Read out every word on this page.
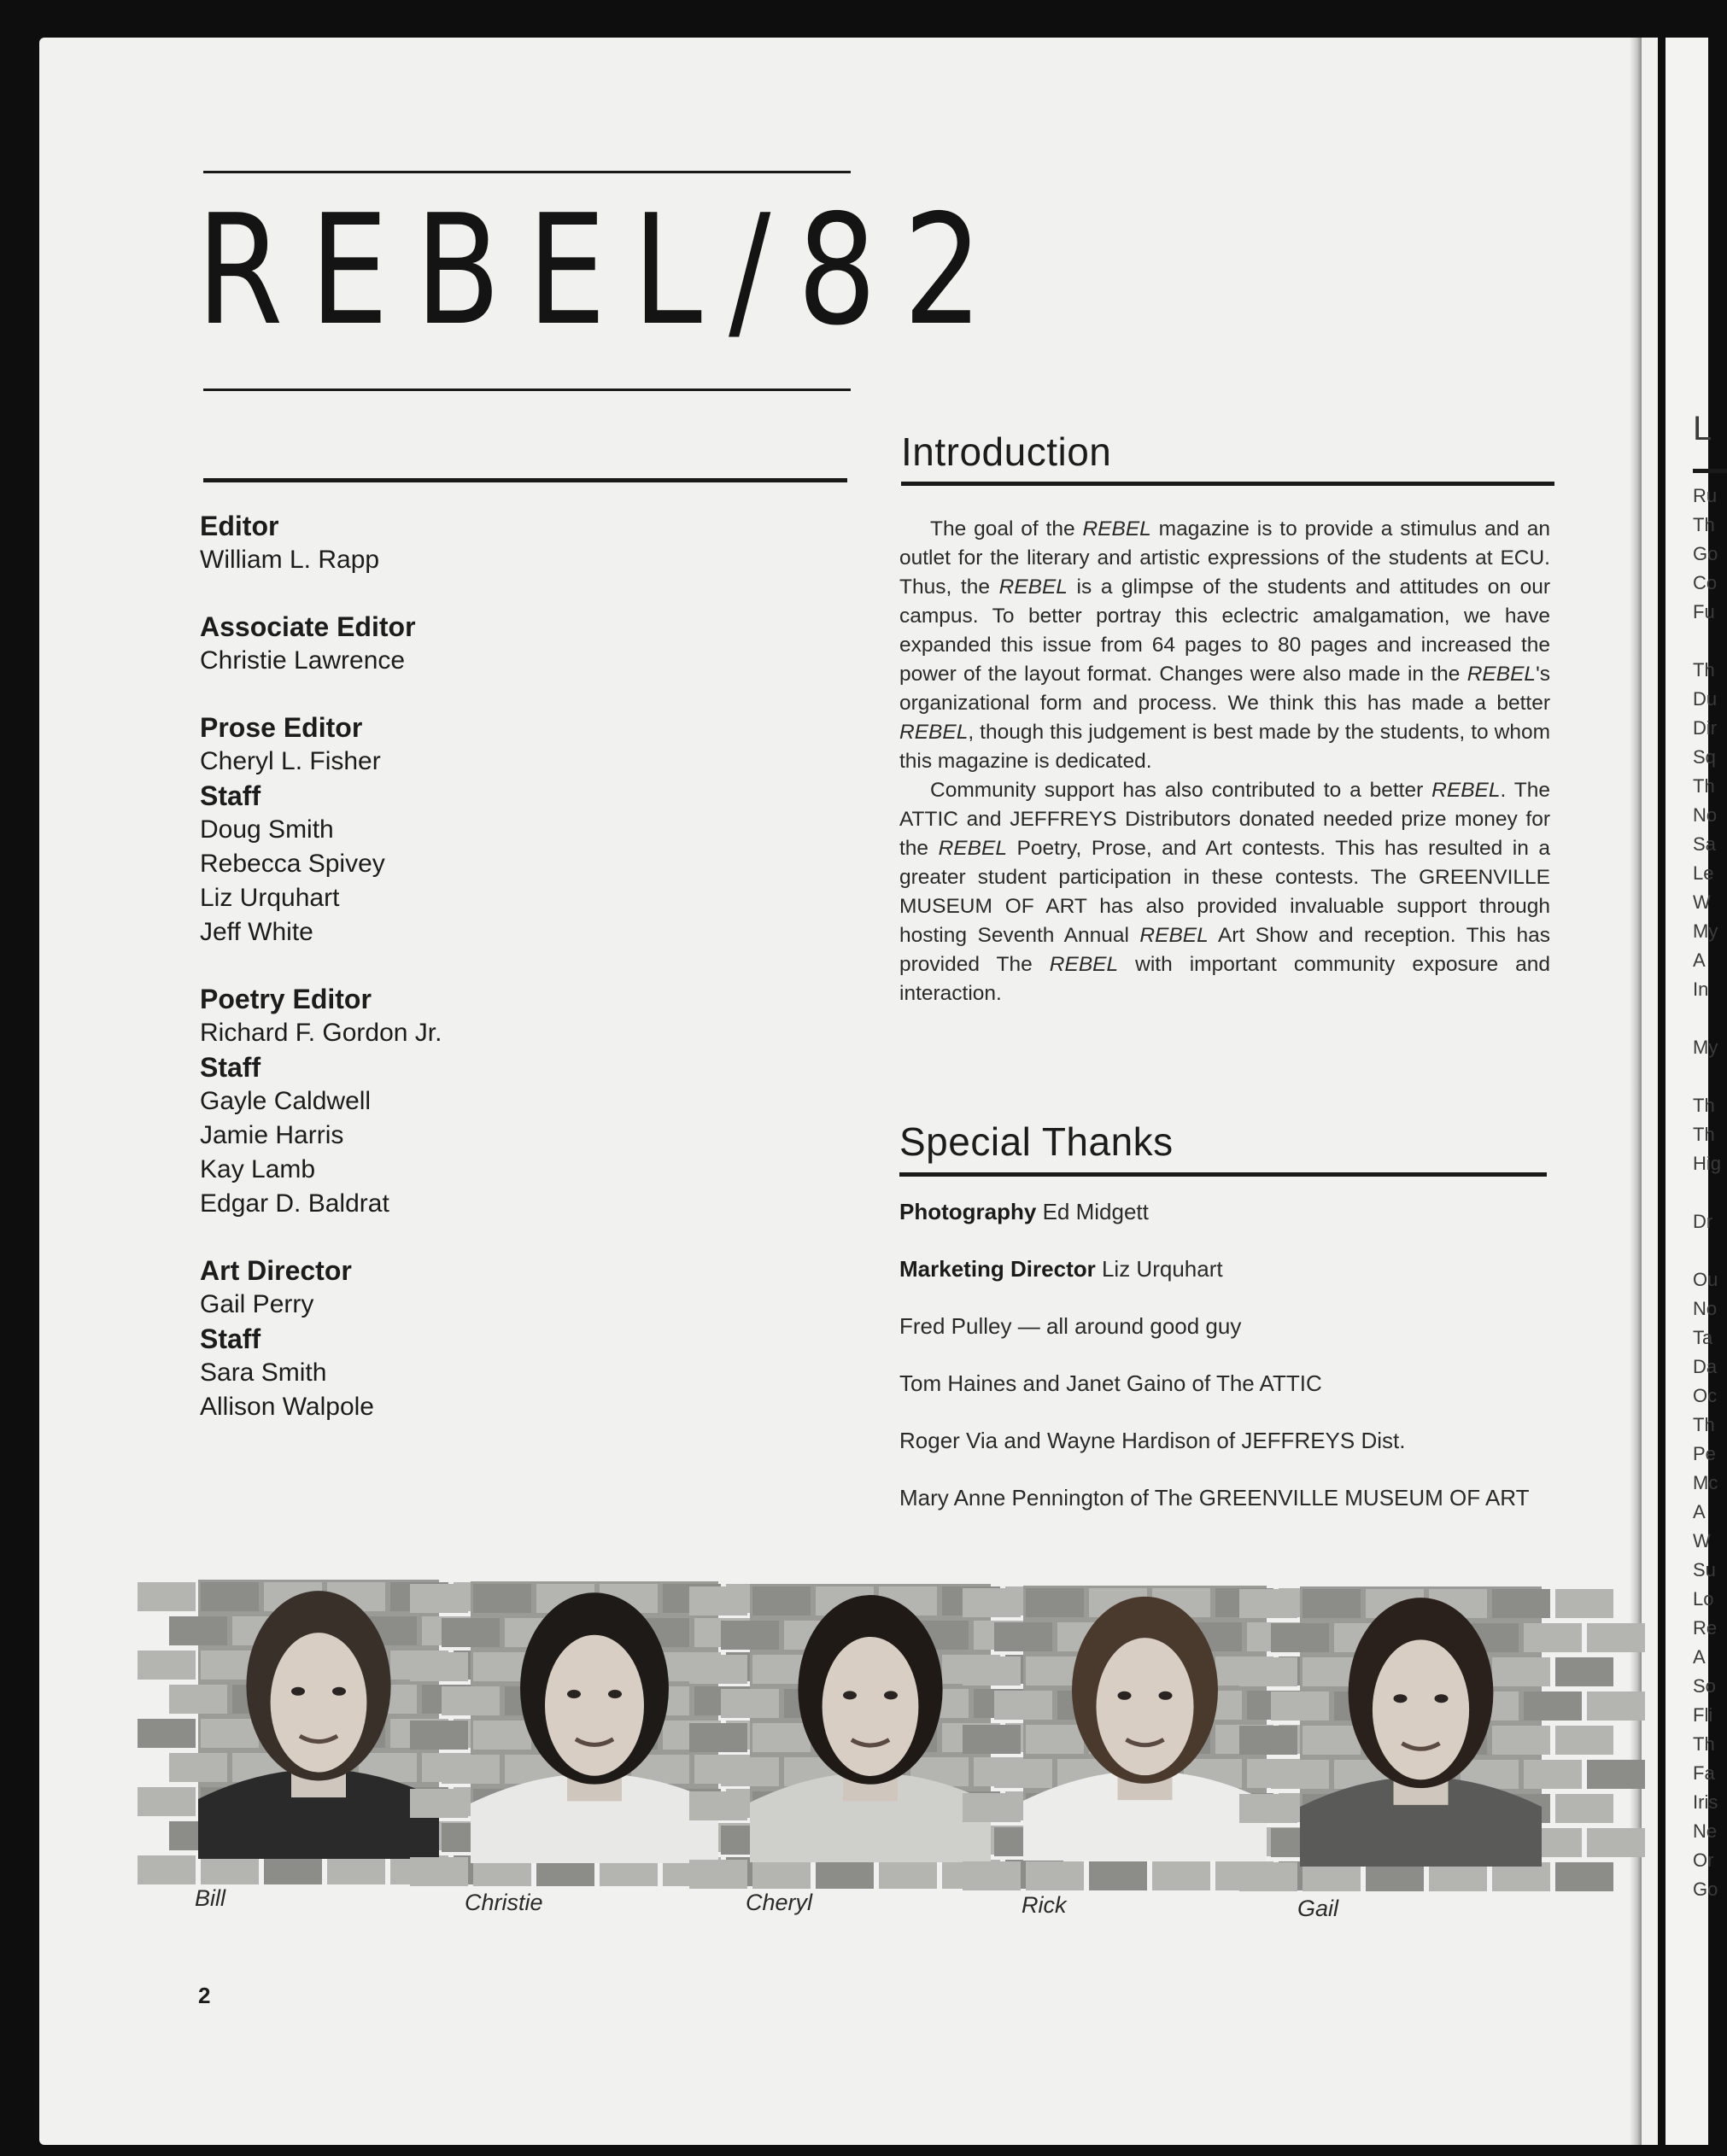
L
Ru
Th
Go
Co
Fu
Th
Du
Dir
Sq
Th
No
Sa
Le
W
My
A
In
My
Th
Th
Hig
Dr
Ou
No
Ta
Da
Oc
Th
Pe
Mc
A
W
Su
Lo
Re
A
So
Fli
Th
Fa
Iris
Ne
Or
Go
REBEL/82
Editor
William L. Rapp
Associate Editor
Christie Lawrence
Prose Editor
Cheryl L. Fisher
Staff
Doug Smith
Rebecca Spivey
Liz Urquhart
Jeff White
Poetry Editor
Richard F. Gordon Jr.
Staff
Gayle Caldwell
Jamie Harris
Kay Lamb
Edgar D. Baldrat
Art Director
Gail Perry
Staff
Sara Smith
Allison Walpole
Introduction

The goal of the REBEL magazine is to provide a stimulus and an outlet for the literary and artistic expressions of the students at ECU. Thus, the REBEL is a glimpse of the students and attitudes on our campus. To better portray this eclectric amalgamation, we have expanded this issue from 64 pages to 80 pages and increased the power of the layout format. Changes were also made in the REBEL's organizational form and process. We think this has made a better REBEL, though this judgement is best made by the students, to whom this magazine is dedicated.

Community support has also contributed to a better REBEL. The ATTIC and JEFFREYS Distributors donated needed prize money for the REBEL Poetry, Prose, and Art contests. This has resulted in a greater student participation in these contests. The GREENVILLE MUSEUM OF ART has also provided invaluable support through hosting Seventh Annual REBEL Art Show and reception. This has provided The REBEL with important community exposure and interaction.

Special Thanks
Photography Ed Midgett
Marketing Director Liz Urquhart
Fred Pulley — all around good guy
Tom Haines and Janet Gaino of The ATTIC
Roger Via and Wayne Hardison of JEFFREYS Dist.
Mary Anne Pennington of The GREENVILLE MUSEUM OF ART
Bill	Christie	Cheryl	Rick	Gail
2
